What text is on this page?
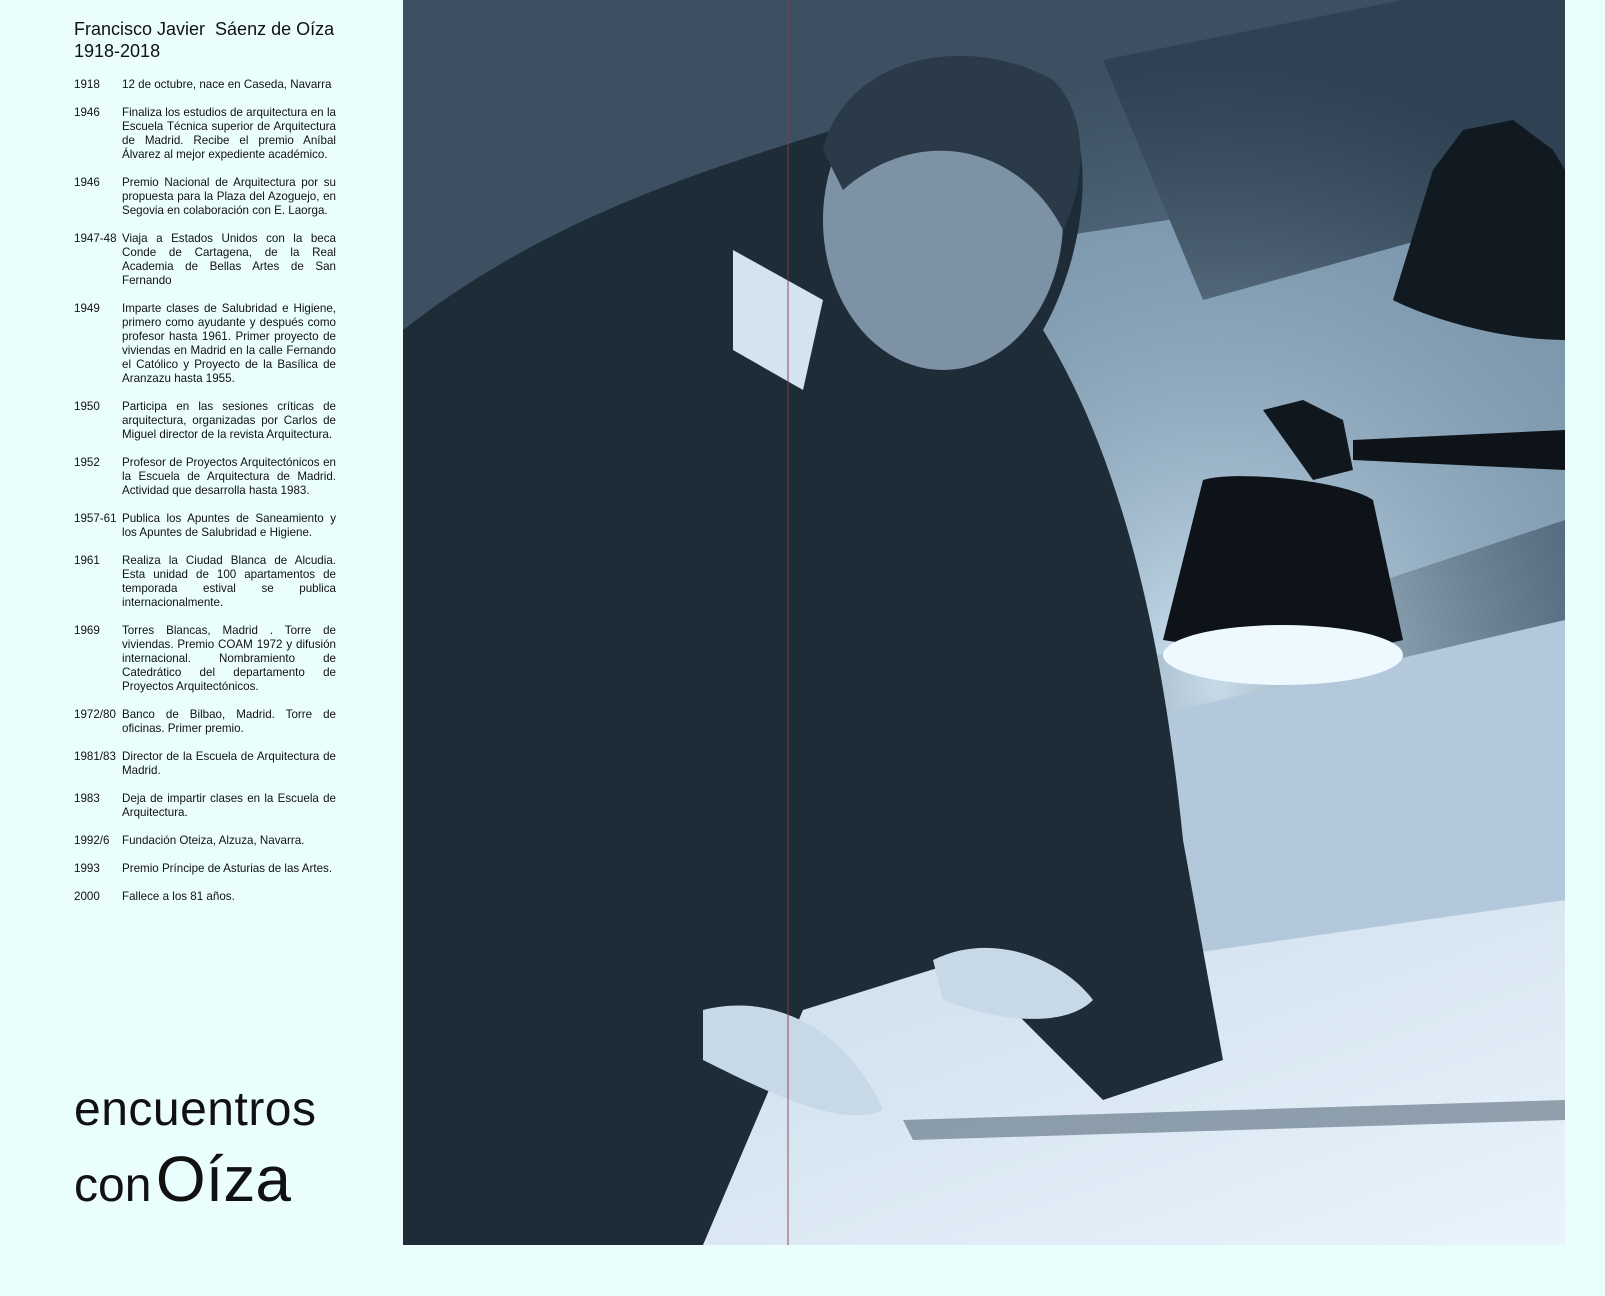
Francisco Javier  Sáenz de Oíza
1918-2018
1918	12 de octubre, nace en Caseda, Navarra
1946	Finaliza los estudios de arquitectura en la Escuela Técnica superior de Arquitectura de Madrid. Recibe el premio Aníbal Álvarez al mejor expediente académico.
1946	Premio Nacional de Arquitectura por su propuesta para la Plaza del Azoguejo, en Segovia en colaboración con E. Laorga.
1947-48 Viaja a Estados Unidos con la beca Conde de Cartagena, de la Real Academia de Bellas Artes de San Fernando
1949	Imparte clases de Salubridad e Higiene, primero como ayudante y después como profesor hasta 1961. Primer proyecto de viviendas en Madrid en la calle Fernando el Católico y Proyecto de la Basílica de Aranzazu hasta 1955.
1950	Participa en las sesiones críticas de arquitectura, organizadas por Carlos de Miguel director de la revista Arquitectura.
1952	Profesor de Proyectos Arquitectónicos en la Escuela de Arquitectura de Madrid. Actividad que desarrolla hasta 1983.
1957-61 Publica los Apuntes de Saneamiento y los Apuntes de Salubridad e Higiene.
1961	Realiza la Ciudad Blanca de Alcudia. Esta unidad de 100 apartamentos de temporada estival se publica internacionalmente.
1969	Torres Blancas, Madrid . Torre de viviendas. Premio COAM 1972 y difusión internacional. Nombramiento de Catedrático del departamento de Proyectos Arquitectónicos.
1972/80 Banco de Bilbao, Madrid. Torre de oficinas. Primer premio.
1981/83 Director de la Escuela de Arquitectura de Madrid.
1983	Deja de impartir clases en la Escuela de Arquitectura.
1992/6	Fundación Oteiza, Alzuza, Navarra.
1993	Premio Príncipe de Asturias de las Artes.
2000	Fallece a los 81 años.
encuentros
con Oíza
